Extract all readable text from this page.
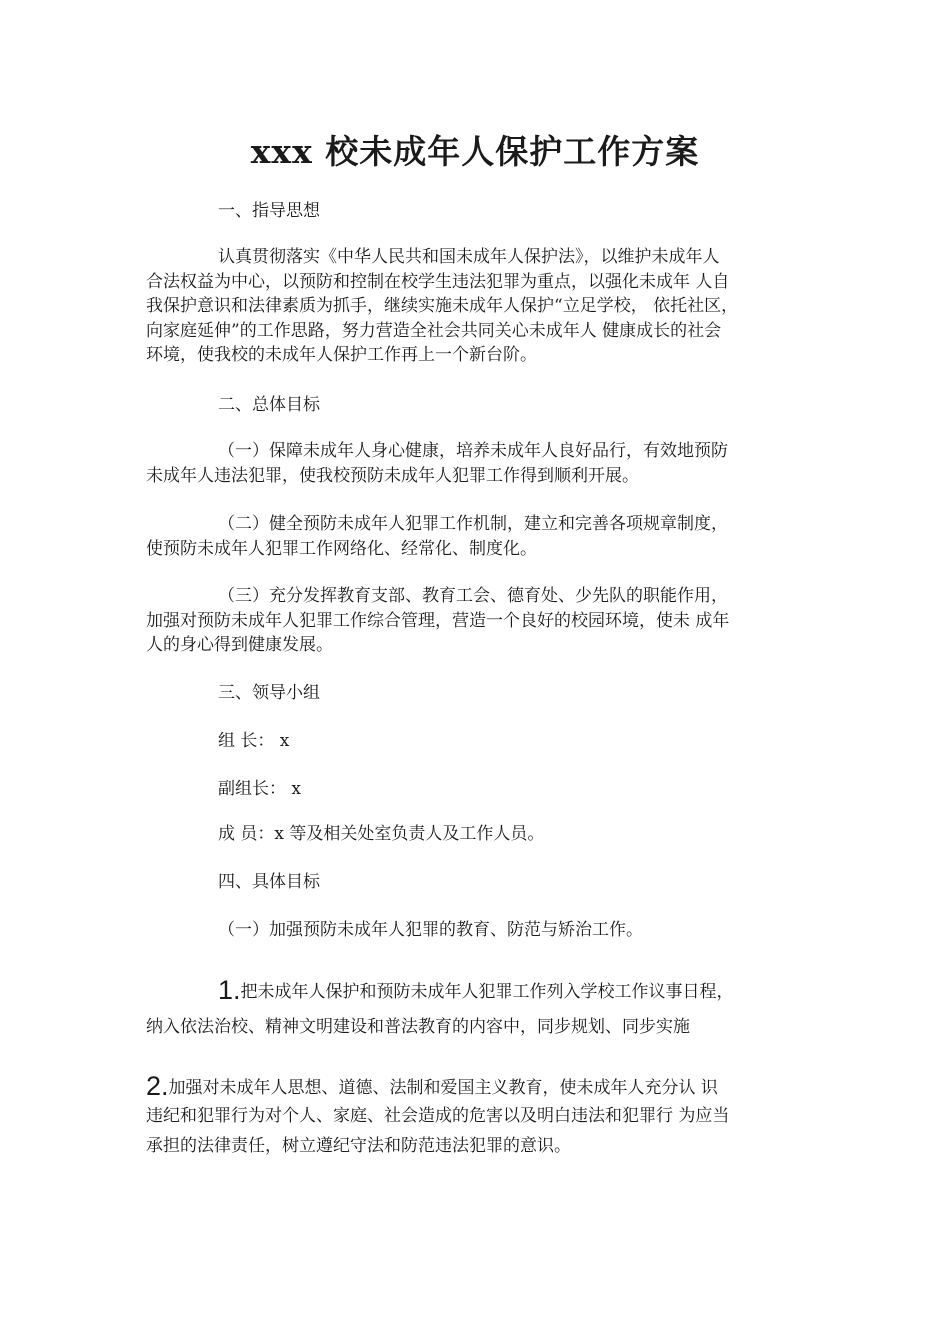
xxx 校未成年人保护工作方案
一、指导思想
认真贯彻落实《中华人民共和国未成年人保护法》，以维护未成年人
合法权益为中心，以预防和控制在校学生违法犯罪为重点，以强化未成年 人自
我保护意识和法律素质为抓手，继续实施未成年人保护“立足学校， 依托社区，
向家庭延伸”的工作思路，努力营造全社会共同关心未成年人 健康成长的社会
环境，使我校的未成年人保护工作再上一个新台阶。
二、总体目标
（一）保障未成年人身心健康，培养未成年人良好品行，有效地预防
未成年人违法犯罪，使我校预防未成年人犯罪工作得到顺利开展。
（二）健全预防未成年人犯罪工作机制，建立和完善各项规章制度，
使预防未成年人犯罪工作网络化、经常化、制度化。
（三）充分发挥教育支部、教育工会、德育处、少先队的职能作用，
加强对预防未成年人犯罪工作综合管理，营造一个良好的校园环境，使未 成年
人的身心得到健康发展。
三、领导小组
组 长： x
副组长： x
成 员：x 等及相关处室负责人及工作人员。
四、具体目标
（一）加强预防未成年人犯罪的教育、防范与矫治工作。
1.把未成年人保护和预防未成年人犯罪工作列入学校工作议事日程，
纳入依法治校、精神文明建设和普法教育的内容中，同步规划、同步实施
2.加强对未成年人思想、道德、法制和爱国主义教育，使未成年人充分认 识
违纪和犯罪行为对个人、家庭、社会造成的危害以及明白违法和犯罪行 为应当
承担的法律责任，树立遵纪守法和防范违法犯罪的意识。
